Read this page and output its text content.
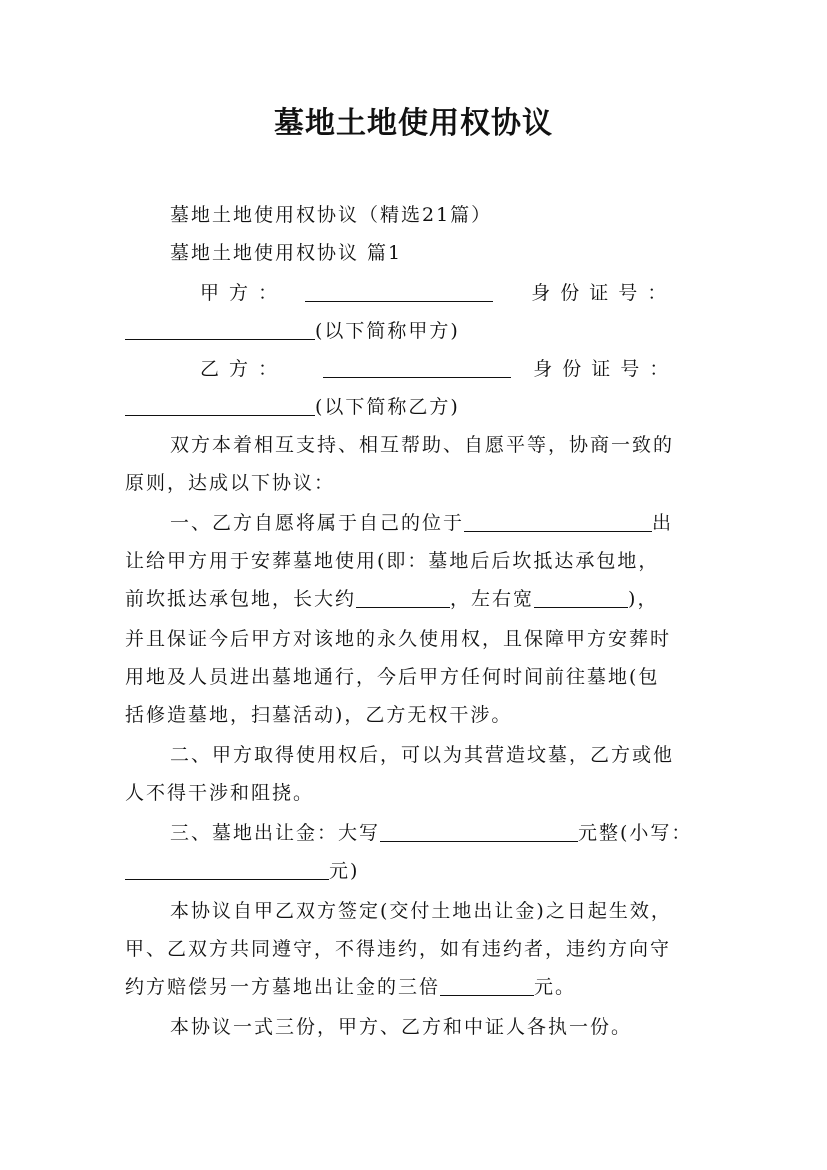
墓地土地使用权协议
墓地土地使用权协议（精选21篇）
墓地土地使用权协议 篇1
甲 方 ：	身 份 证 号 ：
(以下简称甲方)
乙 方 ：	身 份 证 号 ：
(以下简称乙方)
双方本着相互支持、相互帮助、自愿平等，协商一致的
原则，达成以下协议：
一、乙方自愿将属于自己的位于	出
让给甲方用于安葬墓地使用(即：墓地后后坎抵达承包地，
前坎抵达承包地，长大约	，左右宽	)，
并且保证今后甲方对该地的永久使用权，且保障甲方安葬时
用地及人员进出墓地通行，今后甲方任何时间前往墓地(包
括修造墓地，扫墓活动)，乙方无权干涉。
二、甲方取得使用权后，可以为其营造坟墓，乙方或他
人不得干涉和阻挠。
三、墓地出让金：大写	元整(小写：
元)
本协议自甲乙双方签定(交付土地出让金)之日起生效，
甲、乙双方共同遵守，不得违约，如有违约者，违约方向守
约方赔偿另一方墓地出让金的三倍	元。
本协议一式三份，甲方、乙方和中证人各执一份。
